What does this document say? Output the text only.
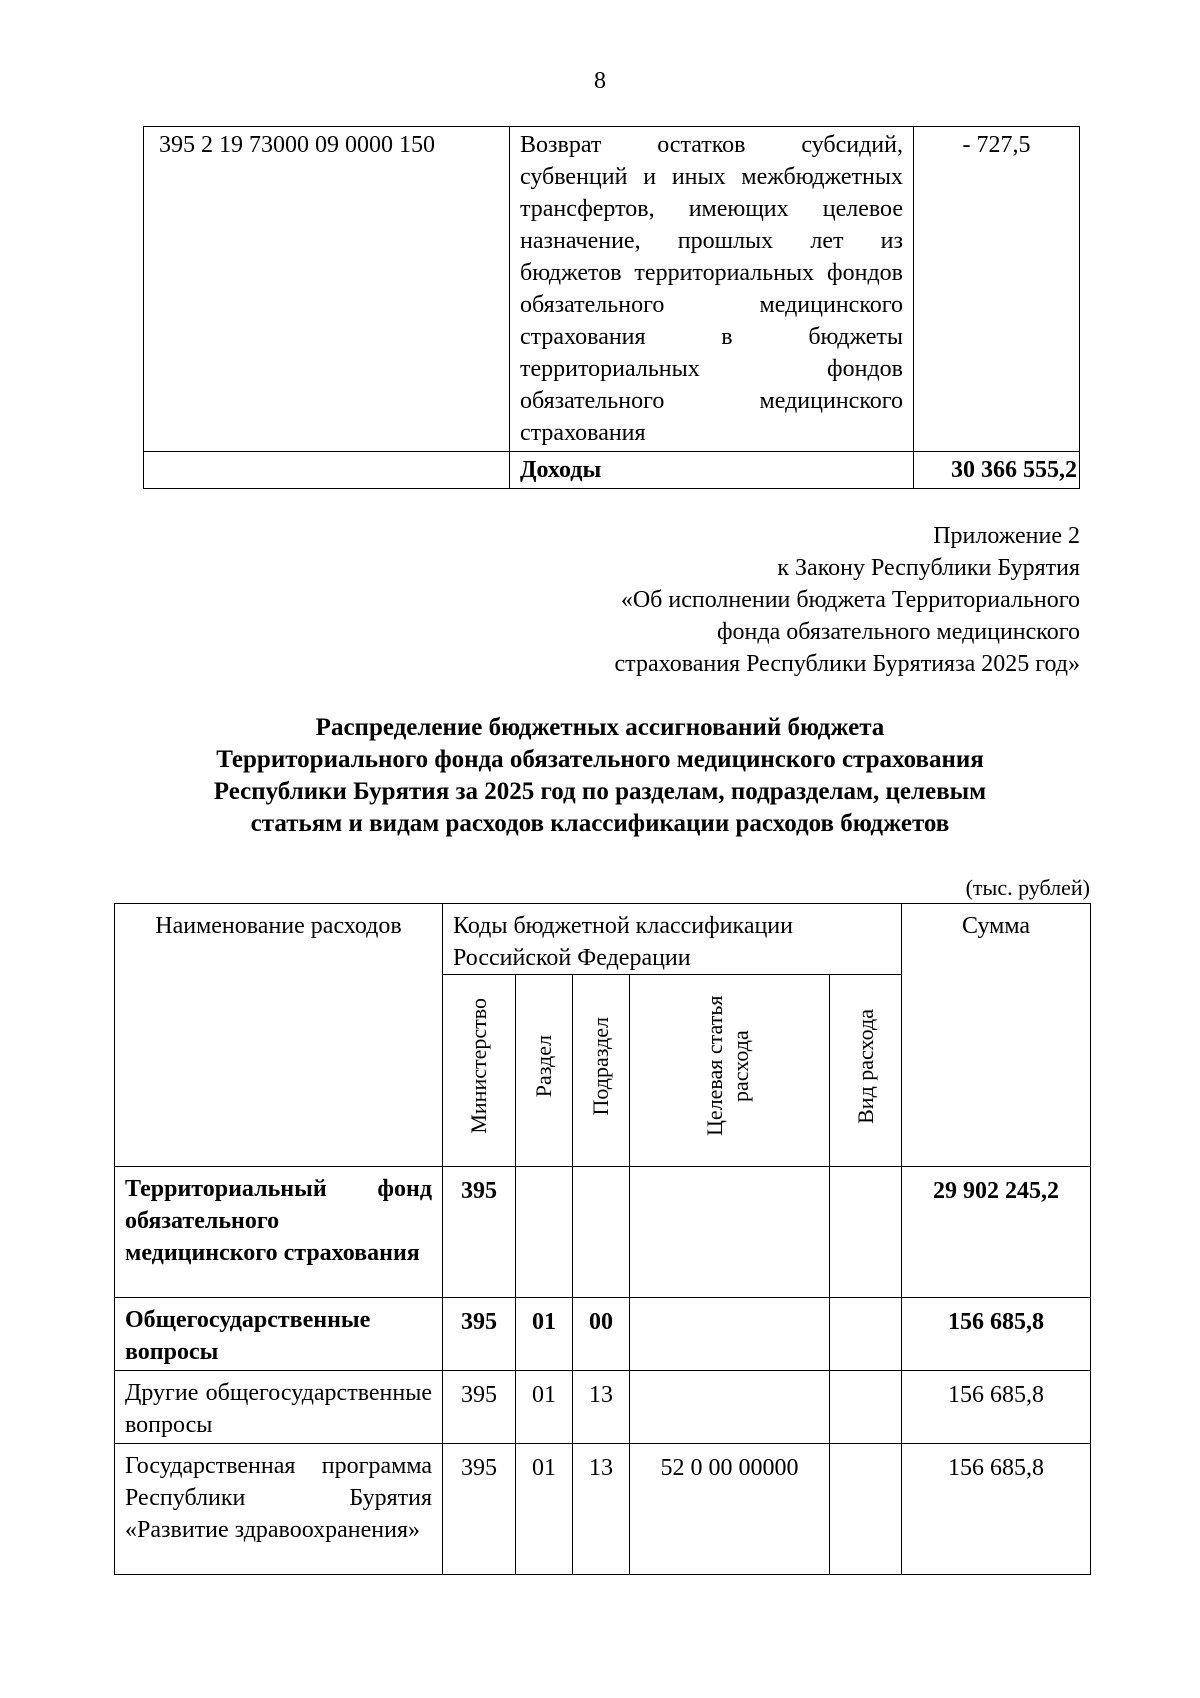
8
395 2 19 73000 09 0000 150	Возврат остатков субсидий, субвенций и иных межбюджетных трансфертов, имеющих целевое назначение, прошлых лет из бюджетов территориальных фондов обязательного медицинского страхования в бюджеты территориальных фондов обязательного медицинского страхования	- 727,5
	Доходы	30 366 555,2
Приложение 2
к Закону Республики Бурятия
«Об исполнении бюджета Территориального
фонда обязательного медицинского
страхования Республики Бурятияза 2025 год»
Распределение бюджетных ассигнований бюджета
Территориального фонда обязательного медицинского страхования
Республики Бурятия за 2025 год по разделам, подразделам, целевым
статьям и видам расходов классификации расходов бюджетов
(тыс. рублей)
Наименование расходов	Коды бюджетной классификации Российской Федерации					Сумма
	Министерство	Раздел	Подраздел	Целевая статья расхода	Вид расхода	
Территориальный фонд обязательного медицинского страхования	395					29 902 245,2
Общегосударственные вопросы	395	01	00			156 685,8
Другие общегосударственные вопросы	395	01	13			156 685,8
Государственная программа Республики Бурятия «Развитие здравоохранения»	395	01	13	52 0 00 00000		156 685,8
